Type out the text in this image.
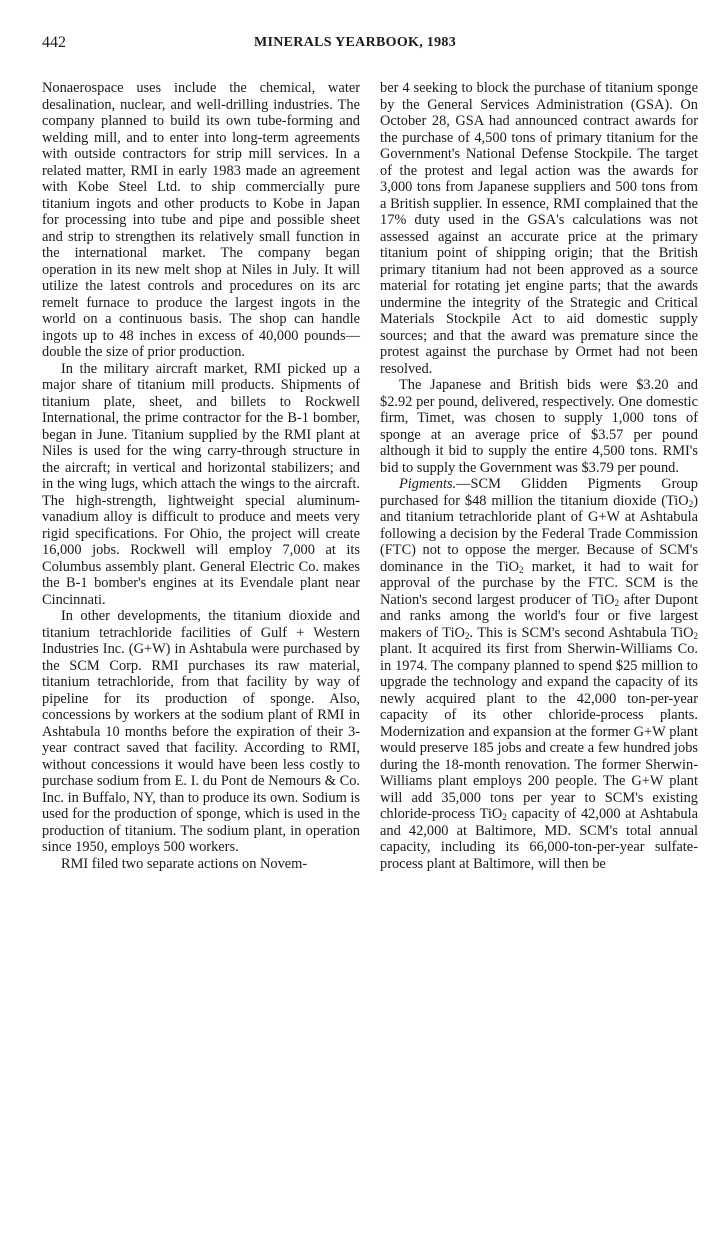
442	MINERALS YEARBOOK, 1983

Nonaerospace uses include the chemical, water desalination, nuclear, and well-drilling industries. The company planned to build its own tube-forming and welding mill, and to enter into long-term agreements with outside contractors for strip mill services. In a related matter, RMI in early 1983 made an agreement with Kobe Steel Ltd. to ship commercially pure titanium ingots and other products to Kobe in Japan for processing into tube and pipe and possible sheet and strip to strengthen its relatively small function in the international market. The company began operation in its new melt shop at Niles in July. It will utilize the latest controls and procedures on its arc remelt furnace to produce the largest ingots in the world on a continuous basis. The shop can handle ingots up to 48 inches in excess of 40,000 pounds—double the size of prior production.

In the military aircraft market, RMI picked up a major share of titanium mill products. Shipments of titanium plate, sheet, and billets to Rockwell International, the prime contractor for the B-1 bomber, began in June. Titanium supplied by the RMI plant at Niles is used for the wing carry-through structure in the aircraft; in vertical and horizontal stabilizers; and in the wing lugs, which attach the wings to the aircraft. The high-strength, lightweight special aluminum-vanadium alloy is difficult to produce and meets very rigid specifications. For Ohio, the project will create 16,000 jobs. Rockwell will employ 7,000 at its Columbus assembly plant. General Electric Co. makes the B-1 bomber's engines at its Evendale plant near Cincinnati.

In other developments, the titanium dioxide and titanium tetrachloride facilities of Gulf + Western Industries Inc. (G+W) in Ashtabula were purchased by the SCM Corp. RMI purchases its raw material, titanium tetrachloride, from that facility by way of pipeline for its production of sponge. Also, concessions by workers at the sodium plant of RMI in Ashtabula 10 months before the expiration of their 3-year contract saved that facility. According to RMI, without concessions it would have been less costly to purchase sodium from E. I. du Pont de Nemours & Co. Inc. in Buffalo, NY, than to produce its own. Sodium is used for the production of sponge, which is used in the production of titanium. The sodium plant, in operation since 1950, employs 500 workers.

RMI filed two separate actions on Novem-

ber 4 seeking to block the purchase of titanium sponge by the General Services Administration (GSA). On October 28, GSA had announced contract awards for the purchase of 4,500 tons of primary titanium for the Government's National Defense Stockpile. The target of the protest and legal action was the awards for 3,000 tons from Japanese suppliers and 500 tons from a British supplier. In essence, RMI complained that the 17% duty used in the GSA's calculations was not assessed against an accurate price at the primary titanium point of shipping origin; that the British primary titanium had not been approved as a source material for rotating jet engine parts; that the awards undermine the integrity of the Strategic and Critical Materials Stockpile Act to aid domestic supply sources; and that the award was premature since the protest against the purchase by Ormet had not been resolved.

The Japanese and British bids were $3.20 and $2.92 per pound, delivered, respectively. One domestic firm, Timet, was chosen to supply 1,000 tons of sponge at an average price of $3.57 per pound although it bid to supply the entire 4,500 tons. RMI's bid to supply the Government was $3.79 per pound.

Pigments.—SCM Glidden Pigments Group purchased for $48 million the titanium dioxide (TiO$_2$) and titanium tetrachloride plant of G+W at Ashtabula following a decision by the Federal Trade Commission (FTC) not to oppose the merger. Because of SCM's dominance in the TiO$_2$ market, it had to wait for approval of the purchase by the FTC. SCM is the Nation's second largest producer of TiO$_2$ after Dupont and ranks among the world's four or five largest makers of TiO$_2$. This is SCM's second Ashtabula TiO$_2$ plant. It acquired its first from Sherwin-Williams Co. in 1974. The company planned to spend $25 million to upgrade the technology and expand the capacity of its newly acquired plant to the 42,000 ton-per-year capacity of its other chloride-process plants. Modernization and expansion at the former G+W plant would preserve 185 jobs and create a few hundred jobs during the 18-month renovation. The former Sherwin-Williams plant employs 200 people. The G+W plant will add 35,000 tons per year to SCM's existing chloride-process TiO$_2$ capacity of 42,000 at Ashtabula and 42,000 at Baltimore, MD. SCM's total annual capacity, including its 66,000-ton-per-year sulfate-process plant at Baltimore, will then be
